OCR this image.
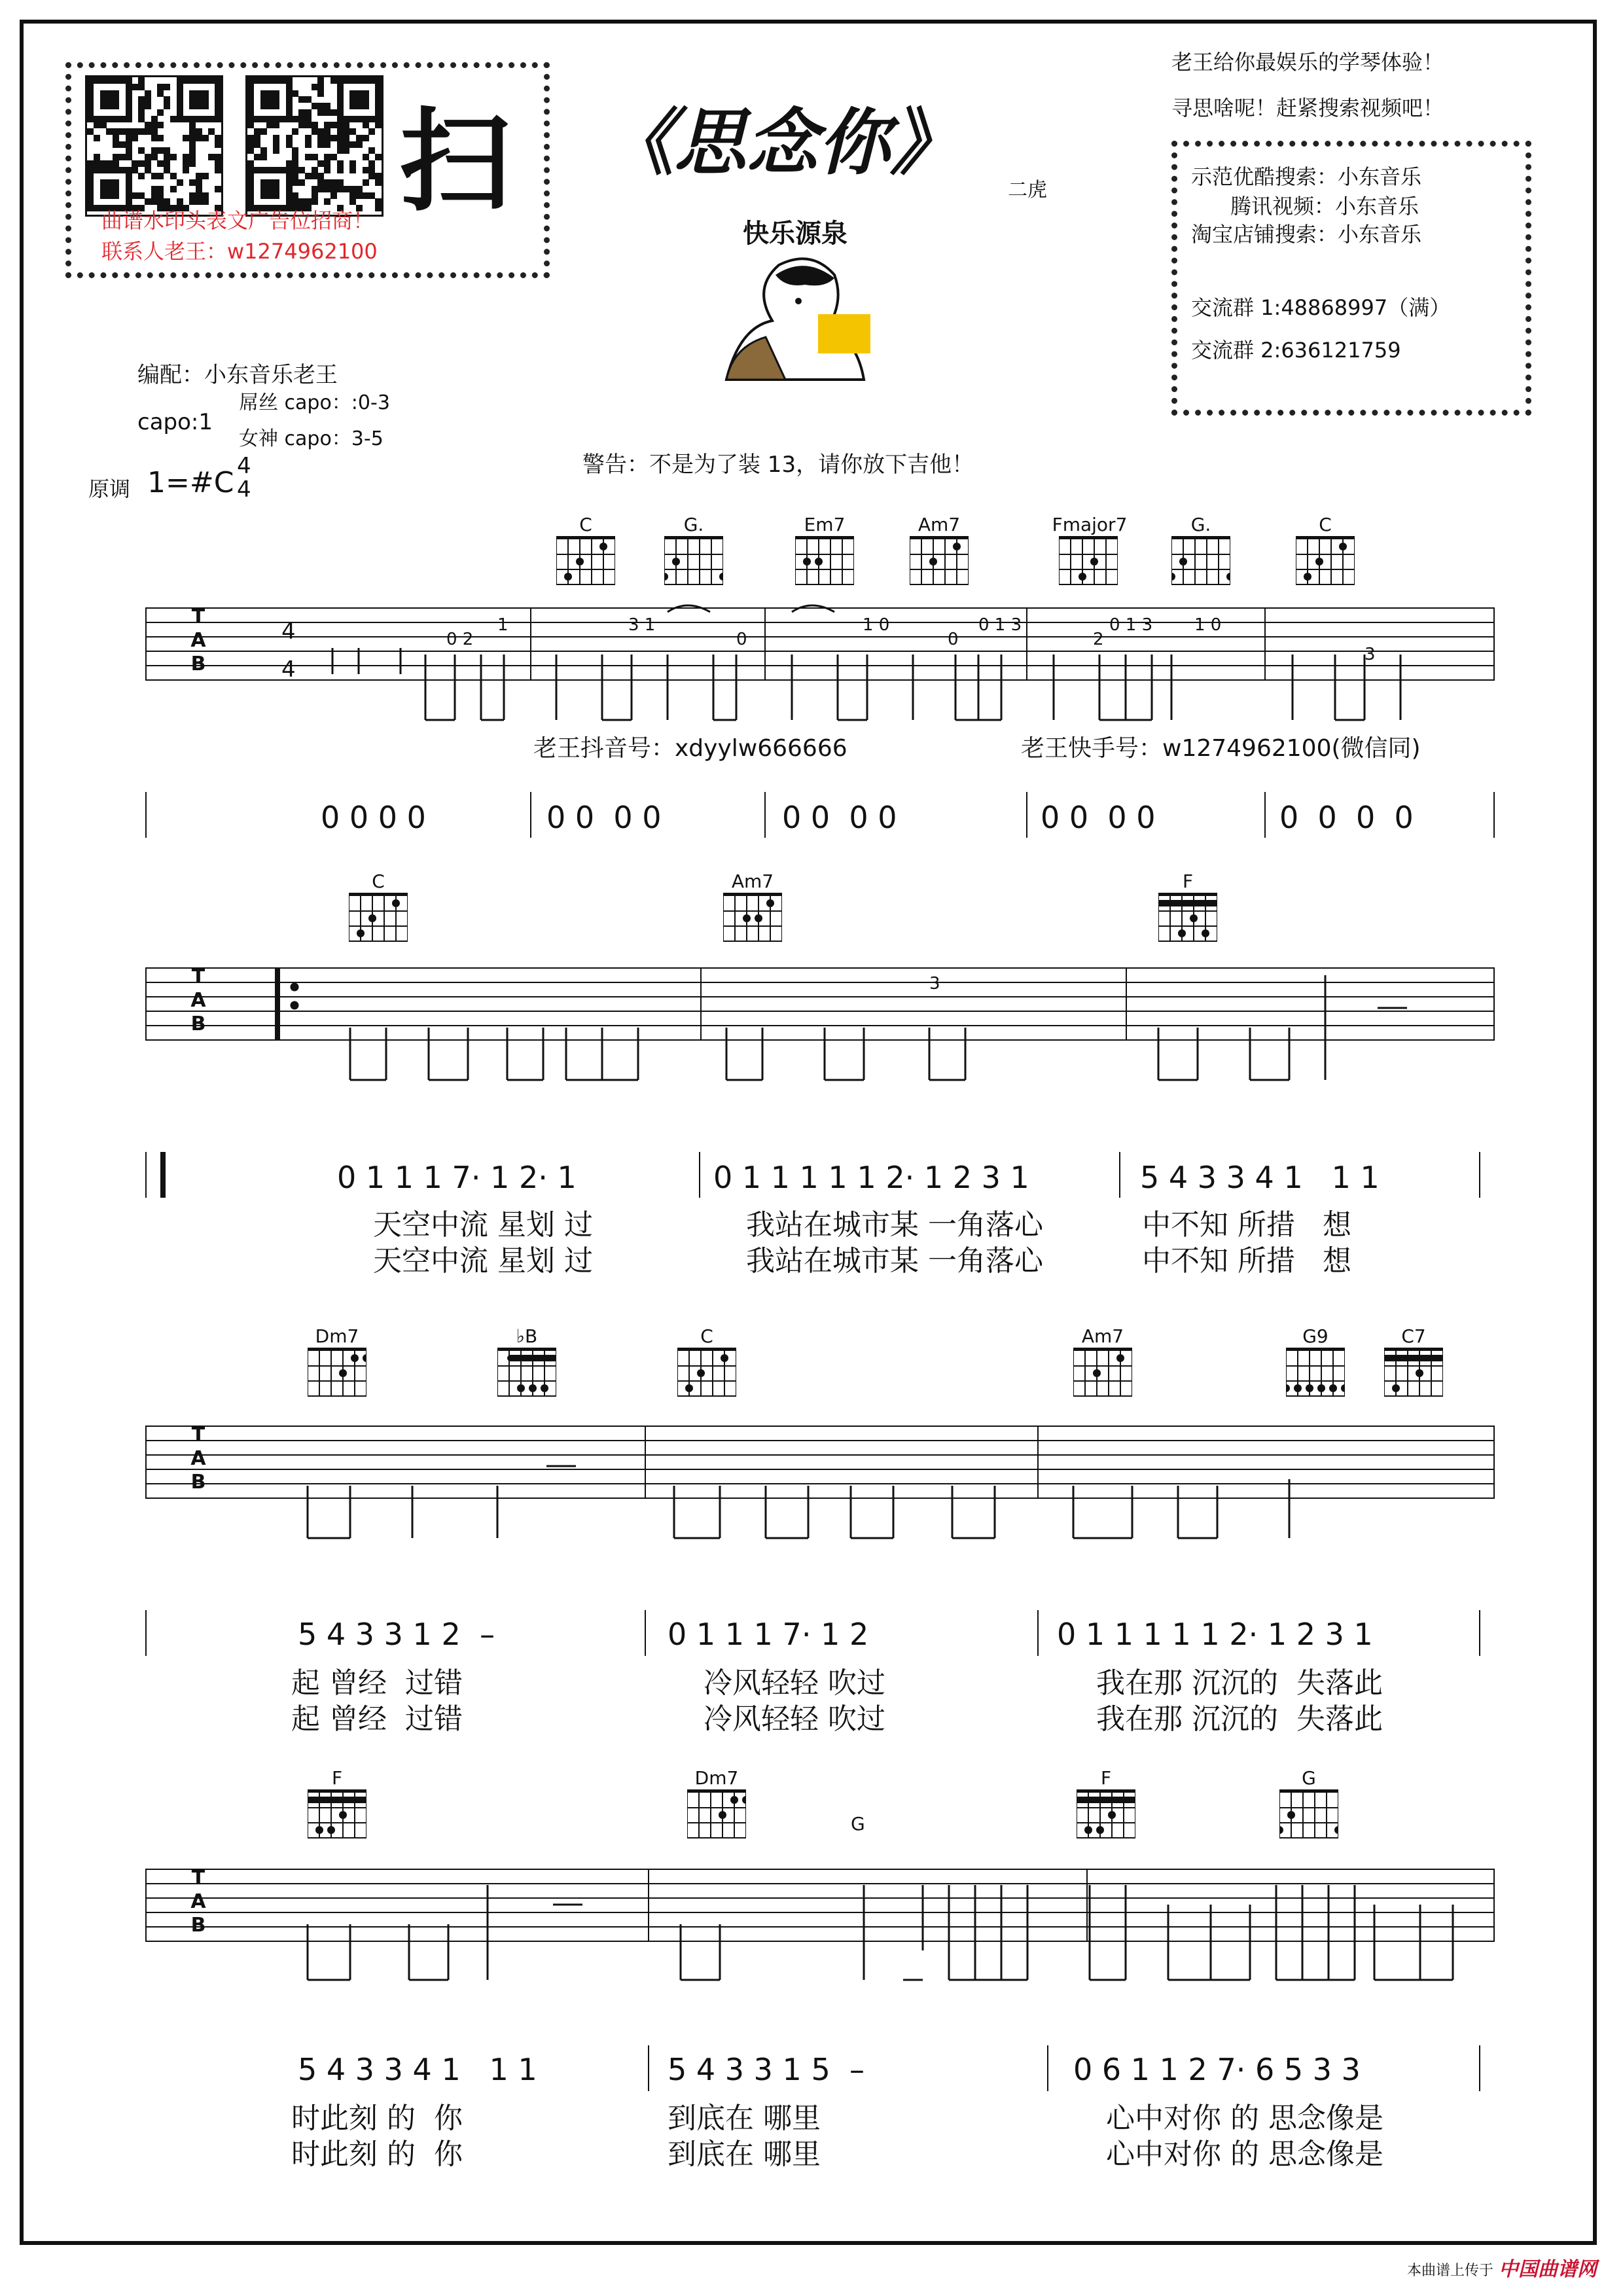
扫
曲谱水印头表文广告位招商！
联系人老王：w1274962100
《思念你》
二虎
快乐源泉
老王给你最娱乐的学琴体验！
寻思啥呢！赶紧搜索视频吧！
示范优酷搜索：小东音乐
腾讯视频：小东音乐
淘宝店铺搜索：小东音乐
交流群 1:48868997（满）
交流群 2:636121759
编配：小东音乐老王
capo:1
屌丝 capo：:0-3
女神 capo：3-5
原调 1=#C 4
4
警告：不是为了装 13，请你放下吉他！
C	G.	Em7	Am7	Fmajor7	G.	C
T
A
B
4
4
0 2
1	3 1
0
1 0
0
0 1 3
2
0 1 3 1 0
3
老王抖音号：xdyylw666666	老王快手号：w1274962100(微信同)
0 0 0 0	0 0  0 0	0 0  0 0	0 0  0 0	0  0  0  0
C	Am7	F
T
A
B
3
0 1 1 1 7· 1 2· 1	0 1 1 1 1 1 2· 1 2 3 1	5 4 3 3 4 1   1 1
天空中流 星划 过	我站在城市某 一角落心	中不知 所措   想
天空中流 星划 过	我站在城市某 一角落心	中不知 所措   想
Dm7	♭B	C	Am7	G9	C7
T
A
B
5 4 3 3 1 2  –	0 1 1 1 7· 1 2	0 1 1 1 1 1 2· 1 2 3 1
起 曾经  过错	冷风轻轻 吹过	我在那 沉沉的  失落此
起 曾经  过错	冷风轻轻 吹过	我在那 沉沉的  失落此
F	Dm7
G
F	G
T
A
B
5 4 3 3 4 1   1 1	5 4 3 3 1 5  –	0 6 1 1 2 7· 6 5 3 3
时此刻 的  你	到底在 哪里	心中对你 的 思念像是
时此刻 的  你	到底在 哪里	心中对你 的 思念像是
本曲谱上传于 中国曲谱网
